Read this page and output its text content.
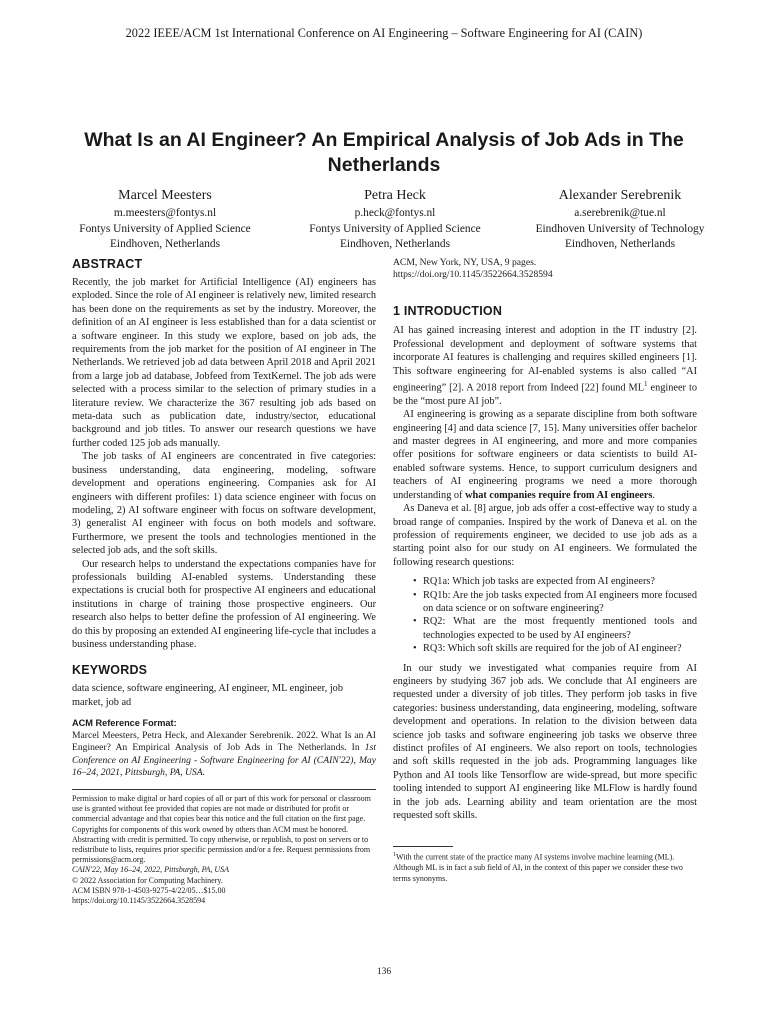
2022 IEEE/ACM 1st International Conference on AI Engineering – Software Engineering for AI (CAIN)
What Is an AI Engineer? An Empirical Analysis of Job Ads in The Netherlands
Marcel Meesters
m.meesters@fontys.nl
Fontys University of Applied Science
Eindhoven, Netherlands
Petra Heck
p.heck@fontys.nl
Fontys University of Applied Science
Eindhoven, Netherlands
Alexander Serebrenik
a.serebrenik@tue.nl
Eindhoven University of Technology
Eindhoven, Netherlands
ABSTRACT

Recently, the job market for Artificial Intelligence (AI) engineers has exploded. Since the role of AI engineer is relatively new, limited research has been done on the requirements as set by the industry. Moreover, the definition of an AI engineer is less established than for a data scientist or a software engineer. In this study we explore, based on job ads, the requirements from the job market for the position of AI engineer in The Netherlands. We retrieved job ad data between April 2018 and April 2021 from a large job ad database, Jobfeed from TextKernel. The job ads were selected with a process similar to the selection of primary studies in a literature review. We characterize the 367 resulting job ads based on meta-data such as publication date, industry/sector, educational background and job titles. To answer our research questions we have further coded 125 job ads manually.

The job tasks of AI engineers are concentrated in five categories: business understanding, data engineering, modeling, software development and operations engineering. Companies ask for AI engineers with different profiles: 1) data science engineer with focus on modeling, 2) AI software engineer with focus on software development, 3) generalist AI engineer with focus on both models and software. Furthermore, we present the tools and technologies mentioned in the selected job ads, and the soft skills.

Our research helps to understand the expectations companies have for professionals building AI-enabled systems. Understanding these expectations is crucial both for prospective AI engineers and educational institutions in charge of training those prospective engineers. Our research also helps to better define the profession of AI engineering. We do this by proposing an extended AI engineering life-cycle that includes a business understanding phase.

KEYWORDS

data science, software engineering, AI engineer, ML engineer, job market, job ad

ACM Reference Format:

Marcel Meesters, Petra Heck, and Alexander Serebrenik. 2022. What Is an AI Engineer? An Empirical Analysis of Job Ads in The Netherlands. In 1st Conference on AI Engineering - Software Engineering for AI (CAIN'22), May 16–24, 2021, Pittsburgh, PA, USA.

Permission to make digital or hard copies of all or part of this work for personal or classroom use is granted without fee provided that copies are not made or distributed for profit or commercial advantage and that copies bear this notice and the full citation on the first page. Copyrights for components of this work owned by others than ACM must be honored. Abstracting with credit is permitted. To copy otherwise, or republish, to post on servers or to redistribute to lists, requires prior specific permission and/or a fee. Request permissions from permissions@acm.org.

CAIN'22, May 16–24, 2022, Pittsburgh, PA, USA

© 2022 Association for Computing Machinery.

ACM ISBN 978-1-4503-9275-4/22/05…$15.00

https://doi.org/10.1145/3522664.3528594

ACM, New York, NY, USA, 9 pages. https://doi.org/10.1145/3522664.3528594

1 INTRODUCTION

AI has gained increasing interest and adoption in the IT industry [2]. Professional development and deployment of software systems that incorporate AI features is challenging and requires skilled engineers [1]. This software engineering for AI-enabled systems is also called “AI engineering” [2]. A 2018 report from Indeed [22] found $ML^1$ engineer to be the “most pure AI job”.

AI engineering is growing as a separate discipline from both software engineering [4] and data science [7, 15]. Many universities offer bachelor and master degrees in AI engineering, and more and more companies offer positions for software engineers or data scientists to build AI-enabled software systems. Hence, to support curriculum designers and teachers of AI engineering programs we need a more thorough understanding of what companies require from AI engineers.

As Daneva et al. [8] argue, job ads offer a cost-effective way to study a broad range of companies. Inspired by the work of Daneva et al. on the profession of requirements engineer, we decided to use job ads as a starting point also for our study on AI engineers. We formulated the following research questions:

• RQ1a: Which job tasks are expected from AI engineers?
• RQ1b: Are the job tasks expected from AI engineers more focused on data science or on software engineering?
• RQ2: What are the most frequently mentioned tools and technologies expected to be used by AI engineers?
• RQ3: Which soft skills are required for the job of AI engineer?

In our study we investigated what companies require from AI engineers by studying 367 job ads. We conclude that AI engineers are requested under a diversity of job titles. They perform job tasks in five categories: business understanding, data engineering, modeling, software development and operations. In relation to the division between data science job tasks and software engineering job tasks we observe three distinct profiles of AI engineers. We also report on tools, technologies and soft skills requested in the job ads. Programming languages like Python and AI tools like Tensorflow are wide-spread, but more specific tooling intended to support AI engineering like MLFlow is hardly found in the job ads. Learning ability and team orientation are the most requested soft skills.

$^1$With the current state of the practice many AI systems involve machine learning (ML). Although ML is in fact a sub field of AI, in the context of this paper we consider these two terms synonyms.

136
